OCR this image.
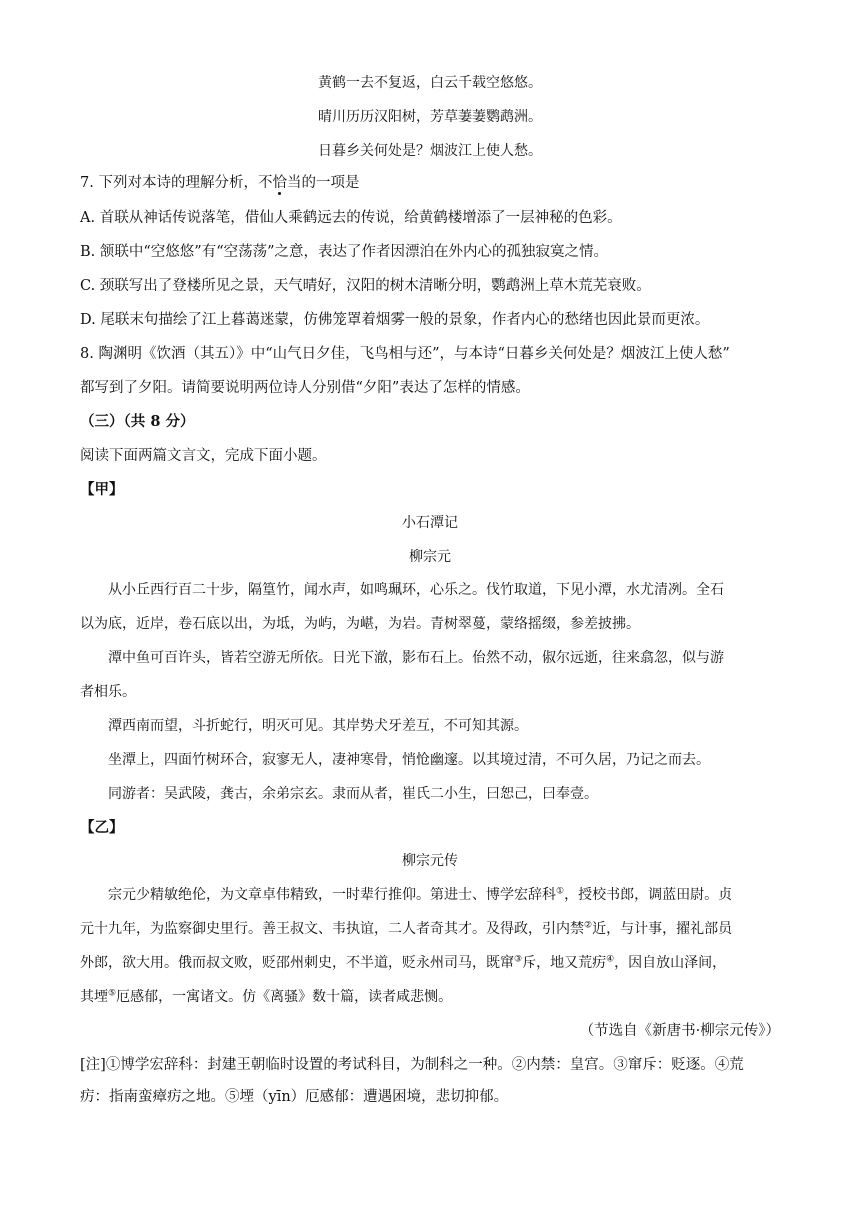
黄鹤一去不复返，白云千载空悠悠。
晴川历历汉阳树，芳草萋萋鹦鹉洲。
日暮乡关何处是？烟波江上使人愁。
7. 下列对本诗的理解分析，不恰当的一项是
A. 首联从神话传说落笔，借仙人乘鹤远去的传说，给黄鹤楼增添了一层神秘的色彩。
B. 颔联中“空悠悠”有“空荡荡”之意，表达了作者因漂泊在外内心的孤独寂寞之情。
C. 颈联写出了登楼所见之景，天气晴好，汉阳的树木清晰分明，鹦鹉洲上草木荒芜衰败。
D. 尾联末句描绘了江上暮蔼迷蒙，仿佛笼罩着烟雾一般的景象，作者内心的愁绪也因此景而更浓。
8. 陶渊明《饮酒（其五）》中“山气日夕佳，飞鸟相与还”，与本诗“日暮乡关何处是？烟波江上使人愁”
都写到了夕阳。请简要说明两位诗人分别借“夕阳”表达了怎样的情感。
（三）（共 8 分）
阅读下面两篇文言文，完成下面小题。
【甲】
小石潭记
柳宗元
从小丘西行百二十步，隔篁竹，闻水声，如鸣珮环，心乐之。伐竹取道，下见小潭，水尤清冽。全石
以为底，近岸，卷石底以出，为坻，为屿，为嵁，为岩。青树翠蔓，蒙络摇缀，参差披拂。
潭中鱼可百许头，皆若空游无所依。日光下澈，影布石上。佁然不动，俶尔远逝，往来翕忽，似与游
者相乐。
潭西南而望，斗折蛇行，明灭可见。其岸势犬牙差互，不可知其源。
坐潭上，四面竹树环合，寂寥无人，凄神寒骨，悄怆幽邃。以其境过清，不可久居，乃记之而去。
同游者：吴武陵，龚古，余弟宗玄。隶而从者，崔氏二小生，曰恕己，曰奉壹。
【乙】
柳宗元传
宗元少精敏绝伦，为文章卓伟精致，一时辈行推仰。第进士、博学宏辞科①，授校书郎，调蓝田尉。贞
元十九年，为监察御史里行。善王叔文、韦执谊，二人者奇其才。及得政，引内禁②近，与计事，擢礼部员
外郎，欲大用。俄而叔文败，贬邵州刺史，不半道，贬永州司马，既窜③斥，地又荒疠④，因自放山泽间，
其堙⑤厄感郁，一寓诸文。仿《离骚》数十篇，读者咸悲恻。
（节选自《新唐书·柳宗元传》）
[注]①博学宏辞科：封建王朝临时设置的考试科目，为制科之一种。②内禁：皇宫。③窜斥：贬逐。④荒
疠：指南蛮瘴疠之地。⑤堙（yīn）厄感郁：遭遇困境，悲切抑郁。
